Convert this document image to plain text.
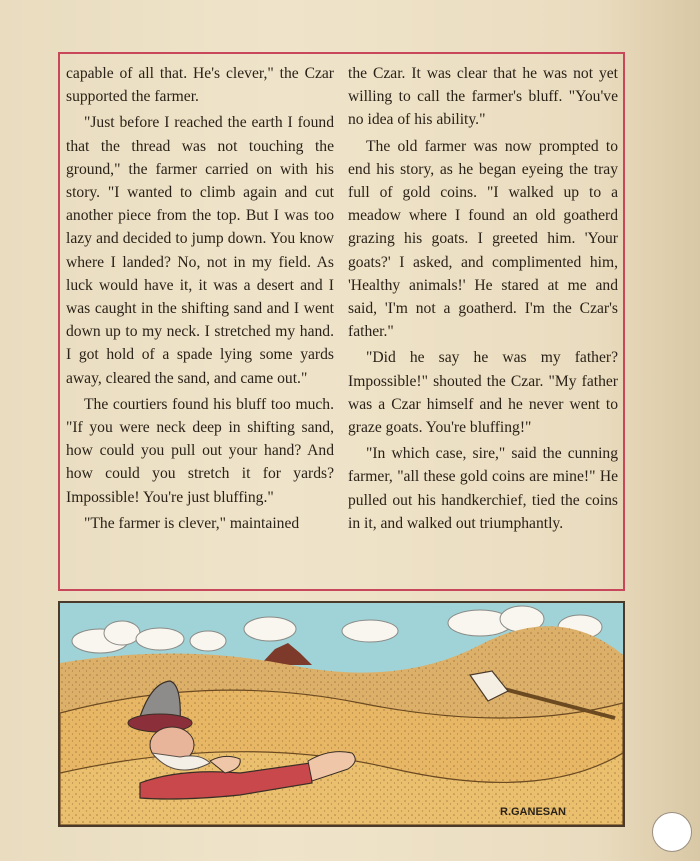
capable of all that. He's clever," the Czar supported the farmer.

"Just before I reached the earth I found that the thread was not touching the ground," the farmer carried on with his story. "I wanted to climb again and cut another piece from the top. But I was too lazy and decided to jump down. You know where I landed? No, not in my field. As luck would have it, it was a desert and I was caught in the shifting sand and I went down up to my neck. I stretched my hand. I got hold of a spade lying some yards away, cleared the sand, and came out."

The courtiers found his bluff too much. "If you were neck deep in shifting sand, how could you pull out your hand? And how could you stretch it for yards? Impossible! You're just bluffing."

"The farmer is clever," maintained

the Czar. It was clear that he was not yet willing to call the farmer's bluff. "You've no idea of his ability."

The old farmer was now prompted to end his story, as he began eyeing the tray full of gold coins. "I walked up to a meadow where I found an old goatherd grazing his goats. I greeted him. 'Your goats?' I asked, and complimented him, 'Healthy animals!' He stared at me and said, 'I'm not a goatherd. I'm the Czar's father."

"Did he say he was my father? Impossible!" shouted the Czar. "My father was a Czar himself and he never went to graze goats. You're bluffing!"

"In which case, sire," said the cunning farmer, "all these gold coins are mine!" He pulled out his handkerchief, tied the coins in it, and walked out triumphantly.

R.GANESAN
